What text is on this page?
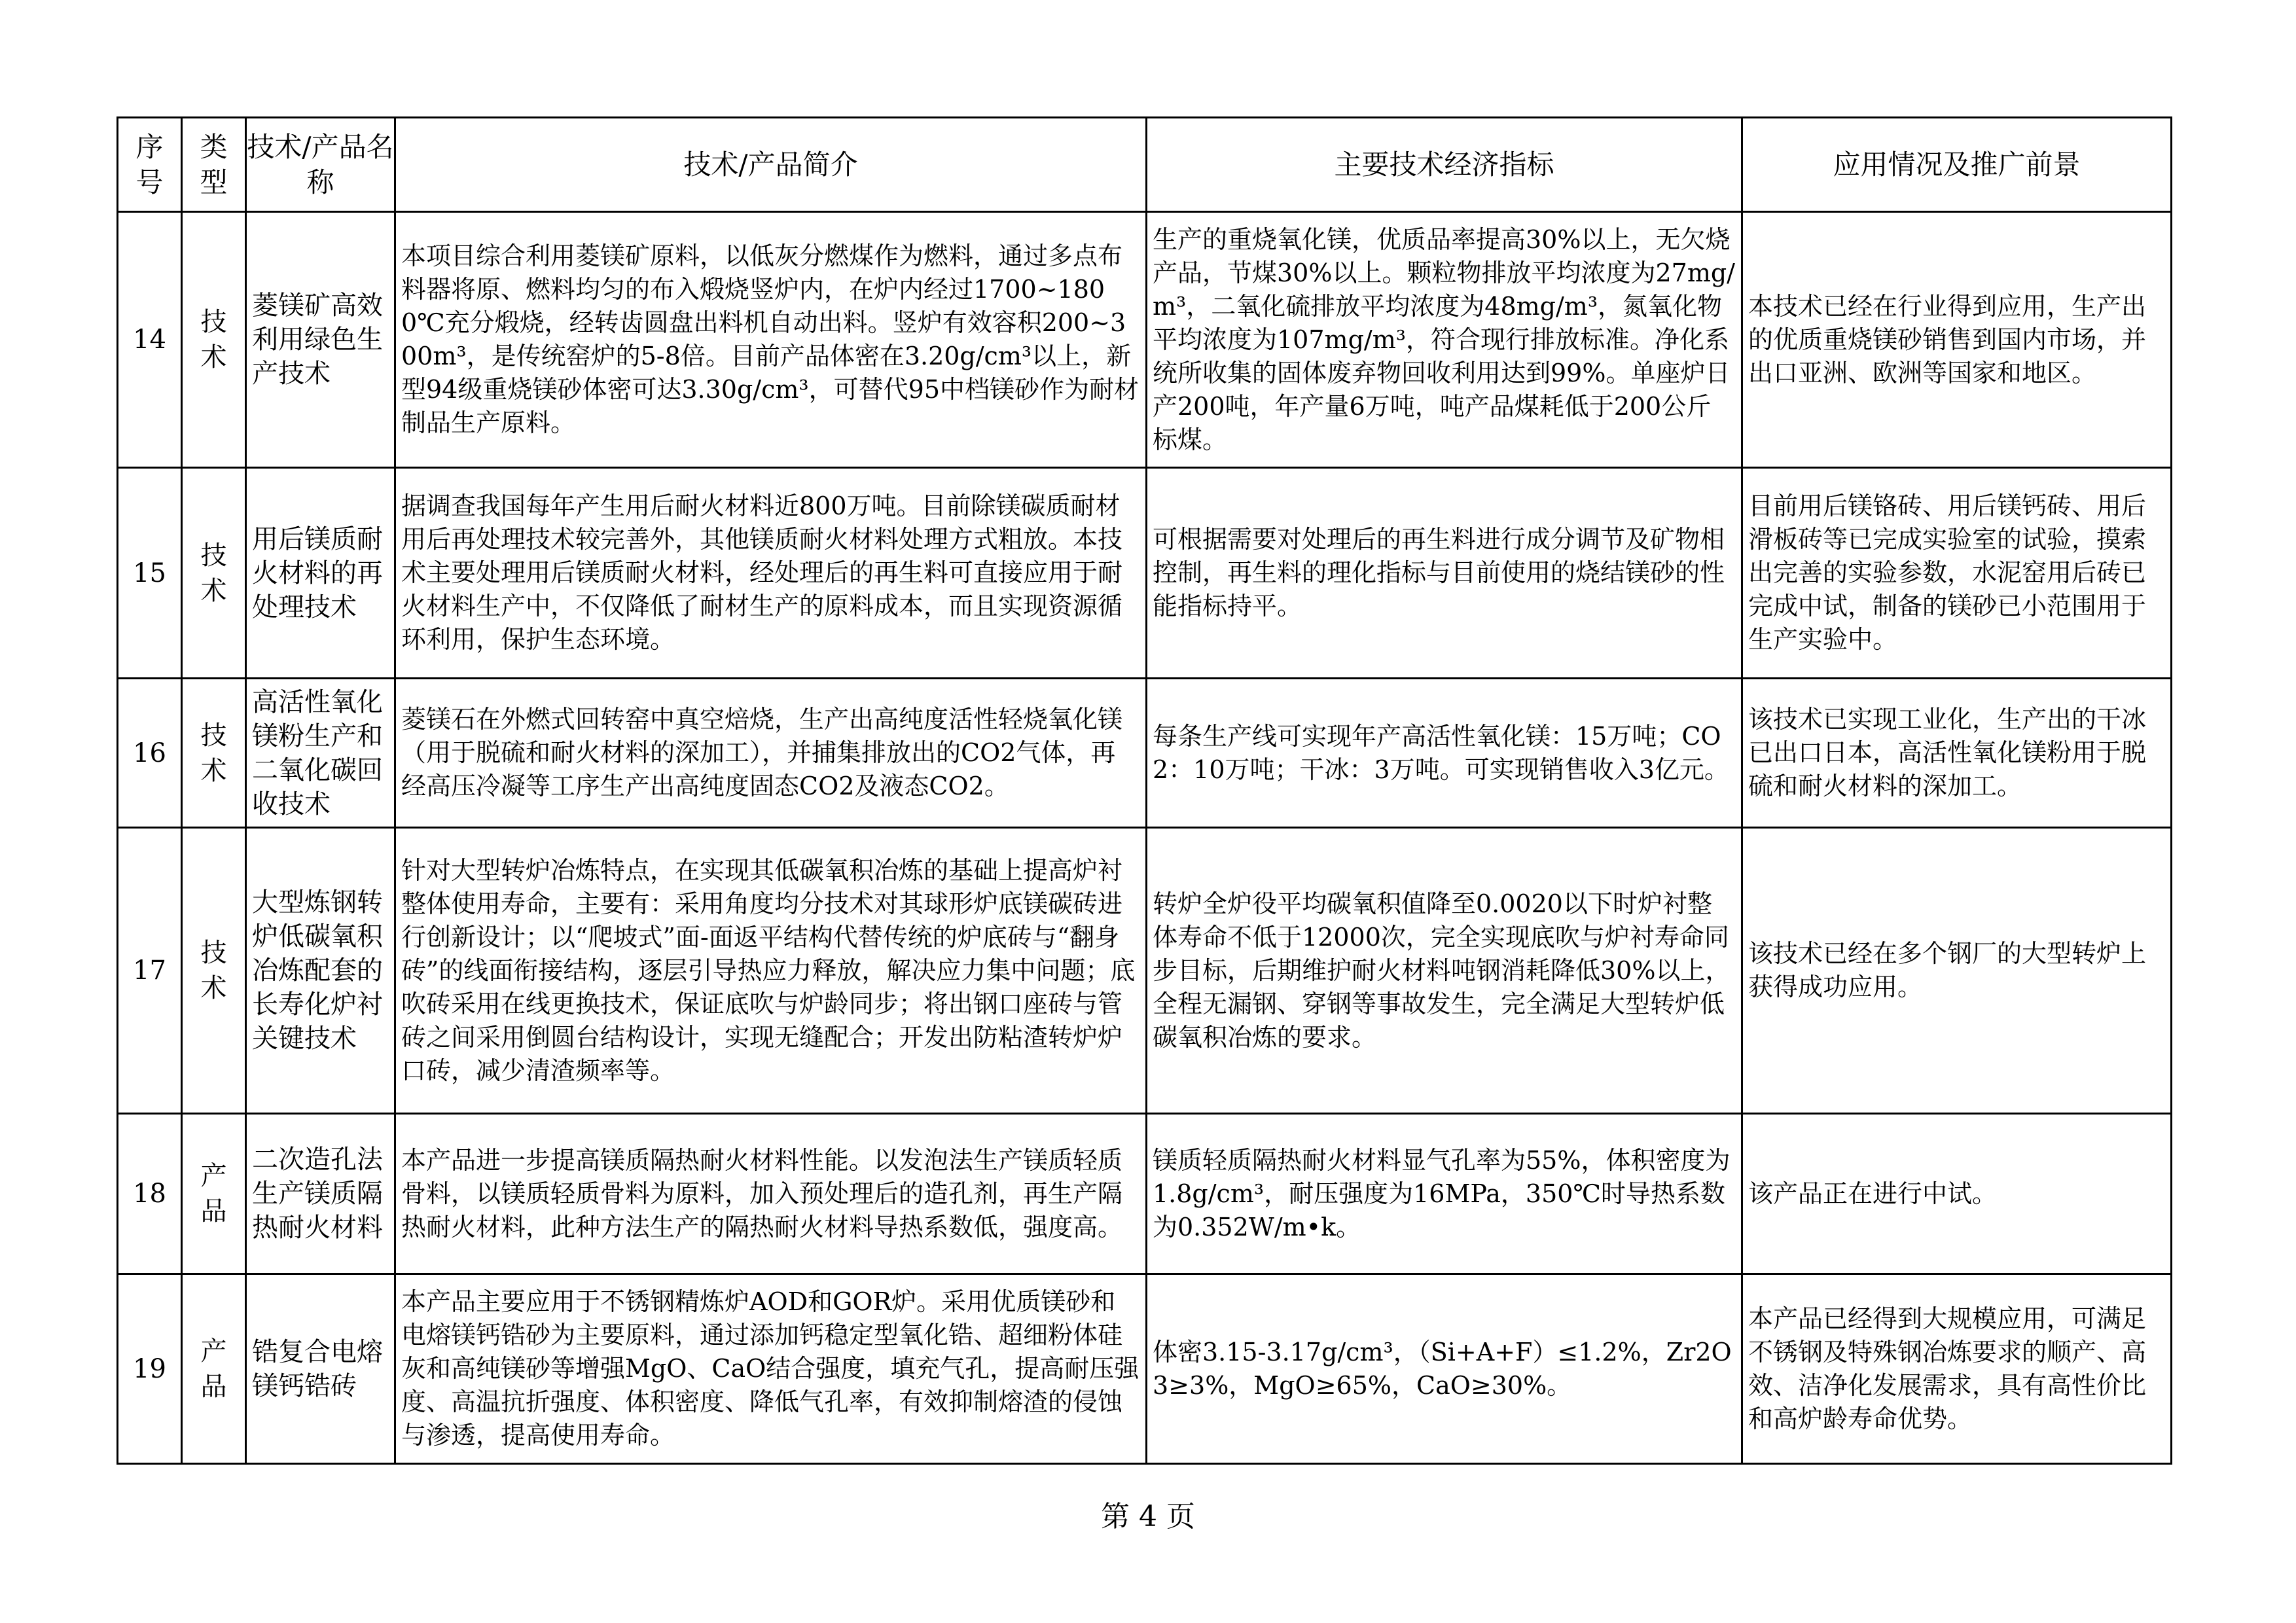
序号	类型	技术/产品名称	技术/产品简介	主要技术经济指标	应用情况及推广前景
14	技术	菱镁矿高效利用绿色生产技术	本项目综合利用菱镁矿原料，以低灰分燃煤作为燃料，通过多点布料器将原、燃料均匀的布入煅烧竖炉内，在炉内经过1700~1800℃充分煅烧，经转齿圆盘出料机自动出料。竖炉有效容积200~300m³，是传统窑炉的5-8倍。目前产品体密在3.20g/cm³以上，新型94级重烧镁砂体密可达3.30g/cm³，可替代95中档镁砂作为耐材制品生产原料。	生产的重烧氧化镁，优质品率提高30%以上，无欠烧产品，节煤30%以上。颗粒物排放平均浓度为27mg/m³，二氧化硫排放平均浓度为48mg/m³，氮氧化物平均浓度为107mg/m³，符合现行排放标准。净化系统所收集的固体废弃物回收利用达到99%。单座炉日产200吨，年产量6万吨，吨产品煤耗低于200公斤标煤。	本技术已经在行业得到应用，生产出的优质重烧镁砂销售到国内市场，并出口亚洲、欧洲等国家和地区。
15	技术	用后镁质耐火材料的再处理技术	据调查我国每年产生用后耐火材料近800万吨。目前除镁碳质耐材用后再处理技术较完善外，其他镁质耐火材料处理方式粗放。本技术主要处理用后镁质耐火材料，经处理后的再生料可直接应用于耐火材料生产中，不仅降低了耐材生产的原料成本，而且实现资源循环利用，保护生态环境。	可根据需要对处理后的再生料进行成分调节及矿物相控制，再生料的理化指标与目前使用的烧结镁砂的性能指标持平。	目前用后镁铬砖、用后镁钙砖、用后滑板砖等已完成实验室的试验，摸索出完善的实验参数，水泥窑用后砖已完成中试，制备的镁砂已小范围用于生产实验中。
16	技术	高活性氧化镁粉生产和二氧化碳回收技术	菱镁石在外燃式回转窑中真空焙烧，生产出高纯度活性轻烧氧化镁（用于脱硫和耐火材料的深加工），并捕集排放出的CO2气体，再经高压冷凝等工序生产出高纯度固态CO2及液态CO2。	每条生产线可实现年产高活性氧化镁：15万吨；CO2：10万吨；干冰：3万吨。可实现销售收入3亿元。	该技术已实现工业化，生产出的干冰已出口日本，高活性氧化镁粉用于脱硫和耐火材料的深加工。
17	技术	大型炼钢转炉低碳氧积冶炼配套的长寿化炉衬关键技术	针对大型转炉冶炼特点，在实现其低碳氧积冶炼的基础上提高炉衬整体使用寿命，主要有：采用角度均分技术对其球形炉底镁碳砖进行创新设计；以“爬坡式”面-面返平结构代替传统的炉底砖与“翻身砖”的线面衔接结构，逐层引导热应力释放，解决应力集中问题；底吹砖采用在线更换技术，保证底吹与炉龄同步；将出钢口座砖与管砖之间采用倒圆台结构设计，实现无缝配合；开发出防粘渣转炉炉口砖，减少清渣频率等。	转炉全炉役平均碳氧积值降至0.0020以下时炉衬整体寿命不低于12000次，完全实现底吹与炉衬寿命同步目标，后期维护耐火材料吨钢消耗降低30%以上，全程无漏钢、穿钢等事故发生，完全满足大型转炉低碳氧积冶炼的要求。	该技术已经在多个钢厂的大型转炉上获得成功应用。
18	产品	二次造孔法生产镁质隔热耐火材料	本产品进一步提高镁质隔热耐火材料性能。以发泡法生产镁质轻质骨料，以镁质轻质骨料为原料，加入预处理后的造孔剂，再生产隔热耐火材料，此种方法生产的隔热耐火材料导热系数低，强度高。	镁质轻质隔热耐火材料显气孔率为55%，体积密度为1.8g/cm³，耐压强度为16MPa，350℃时导热系数为0.352W/m•k。	该产品正在进行中试。
19	产品	锆复合电熔镁钙锆砖	本产品主要应用于不锈钢精炼炉AOD和GOR炉。采用优质镁砂和电熔镁钙锆砂为主要原料，通过添加钙稳定型氧化锆、超细粉体硅灰和高纯镁砂等增强MgO、CaO结合强度，填充气孔，提高耐压强度、高温抗折强度、体积密度、降低气孔率，有效抑制熔渣的侵蚀与渗透，提高使用寿命。	体密3.15-3.17g/cm³，（Si+A+F）≤1.2%，Zr2O3≥3%，MgO≥65%，CaO≥30%。	本产品已经得到大规模应用，可满足不锈钢及特殊钢冶炼要求的顺产、高效、洁净化发展需求，具有高性价比和高炉龄寿命优势。
第 4 页
